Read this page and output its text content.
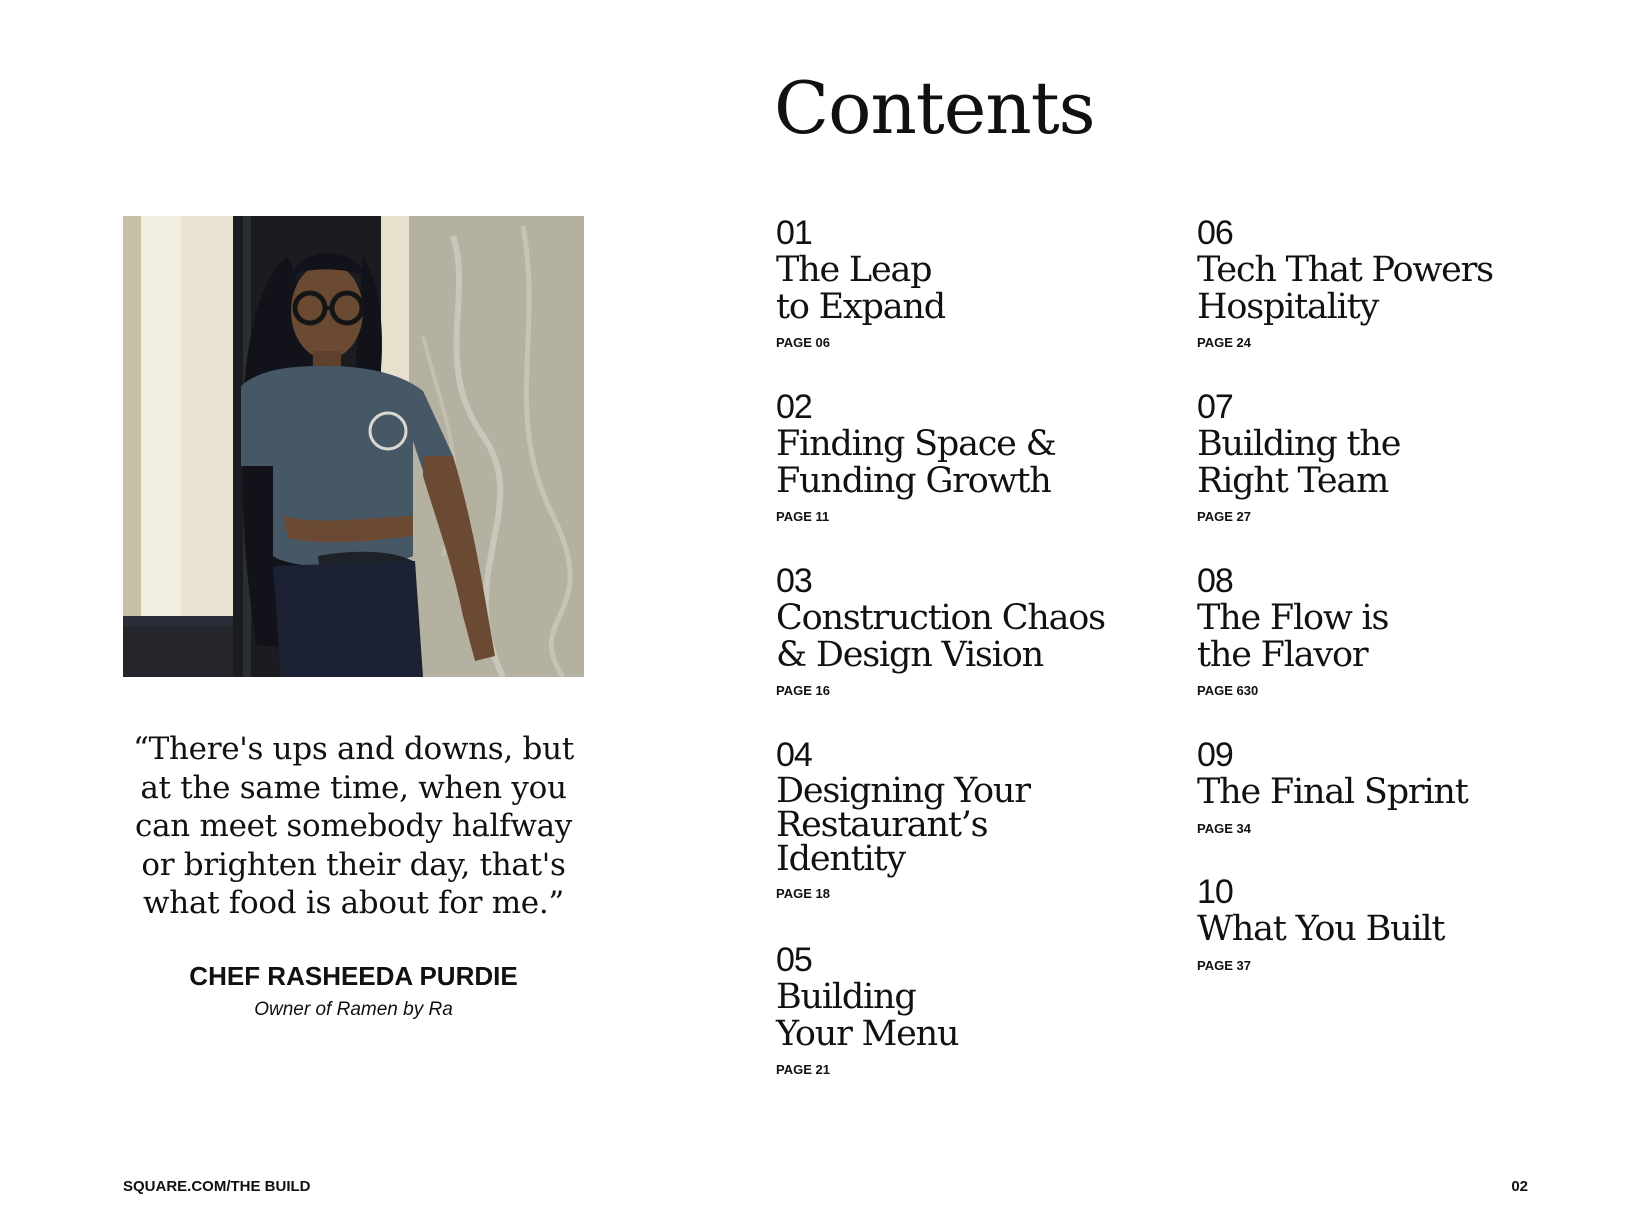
Contents

“There's ups and downs, but at the same time, when you can meet somebody halfway or brighten their day, that's what food is about for me.”

CHEF RASHEEDA PURDIE
Owner of Ramen by Ra
01
The Leap
to Expand
PAGE 06
02
Finding Space &
Funding Growth
PAGE 11
03
Construction Chaos
& Design Vision
PAGE 16
04
Designing Your
Restaurant’s
Identity
PAGE 18
05
Building
Your Menu
PAGE 21
06
Tech That Powers
Hospitality
PAGE 24
07
Building the
Right Team
PAGE 27
08
The Flow is
the Flavor
PAGE 630
09
The Final Sprint
PAGE 34
10
What You Built
PAGE 37
SQUARE.COM/THE BUILD	02
